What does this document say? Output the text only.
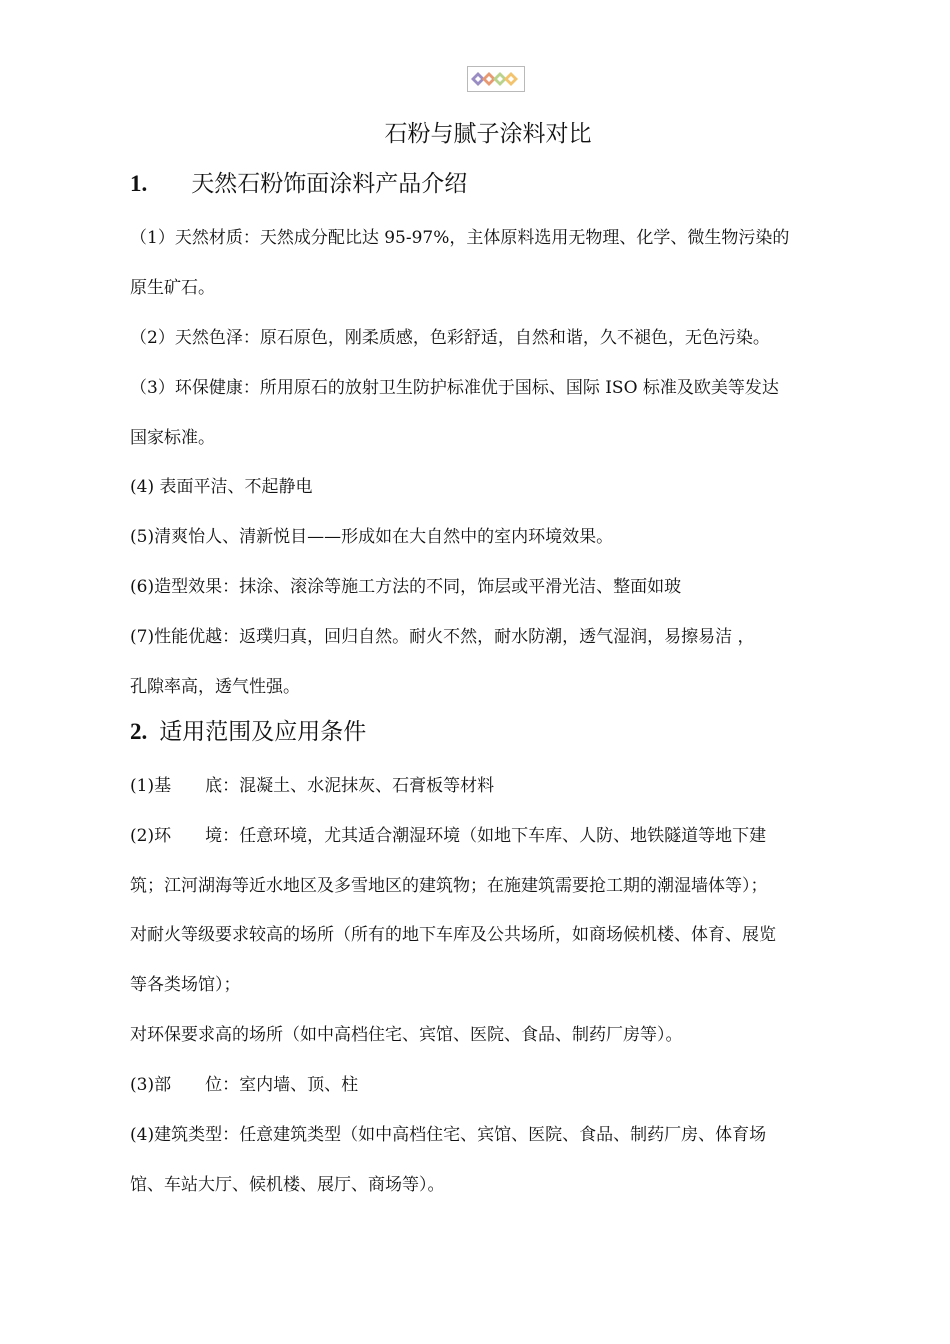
石粉与腻子涂料对比
1. 天然石粉饰面涂料产品介绍
（1）天然材质：天然成分配比达 95-97%，主体原料选用无物理、化学、微生物污染的
原生矿石。
（2）天然色泽：原石原色，刚柔质感，色彩舒适，自然和谐，久不褪色，无色污染。
（3）环保健康：所用原石的放射卫生防护标准优于国标、国际 ISO 标准及欧美等发达
国家标准。
(4) 表面平洁、不起静电
(5)清爽怡人、清新悦目——形成如在大自然中的室内环境效果。
(6)造型效果：抹涂、滚涂等施工方法的不同，饰层或平滑光洁、整面如玻
(7)性能优越：返璞归真，回归自然。耐火不然，耐水防潮，透气湿润，易擦易洁 ，
孔隙率高，透气性强。
2. 适用范围及应用条件
(1)基　　底：混凝土、水泥抹灰、石膏板等材料
(2)环　　境：任意环境，尤其适合潮湿环境（如地下车库、人防、地铁隧道等地下建
筑；江河湖海等近水地区及多雪地区的建筑物；在施建筑需要抢工期的潮湿墙体等）；
对耐火等级要求较高的场所（所有的地下车库及公共场所，如商场候机楼、体育、展览
等各类场馆）；
对环保要求高的场所（如中高档住宅、宾馆、医院、食品、制药厂房等）。
(3)部　　位：室内墙、顶、柱
(4)建筑类型：任意建筑类型（如中高档住宅、宾馆、医院、食品、制药厂房、体育场
馆、车站大厅、候机楼、展厅、商场等）。
